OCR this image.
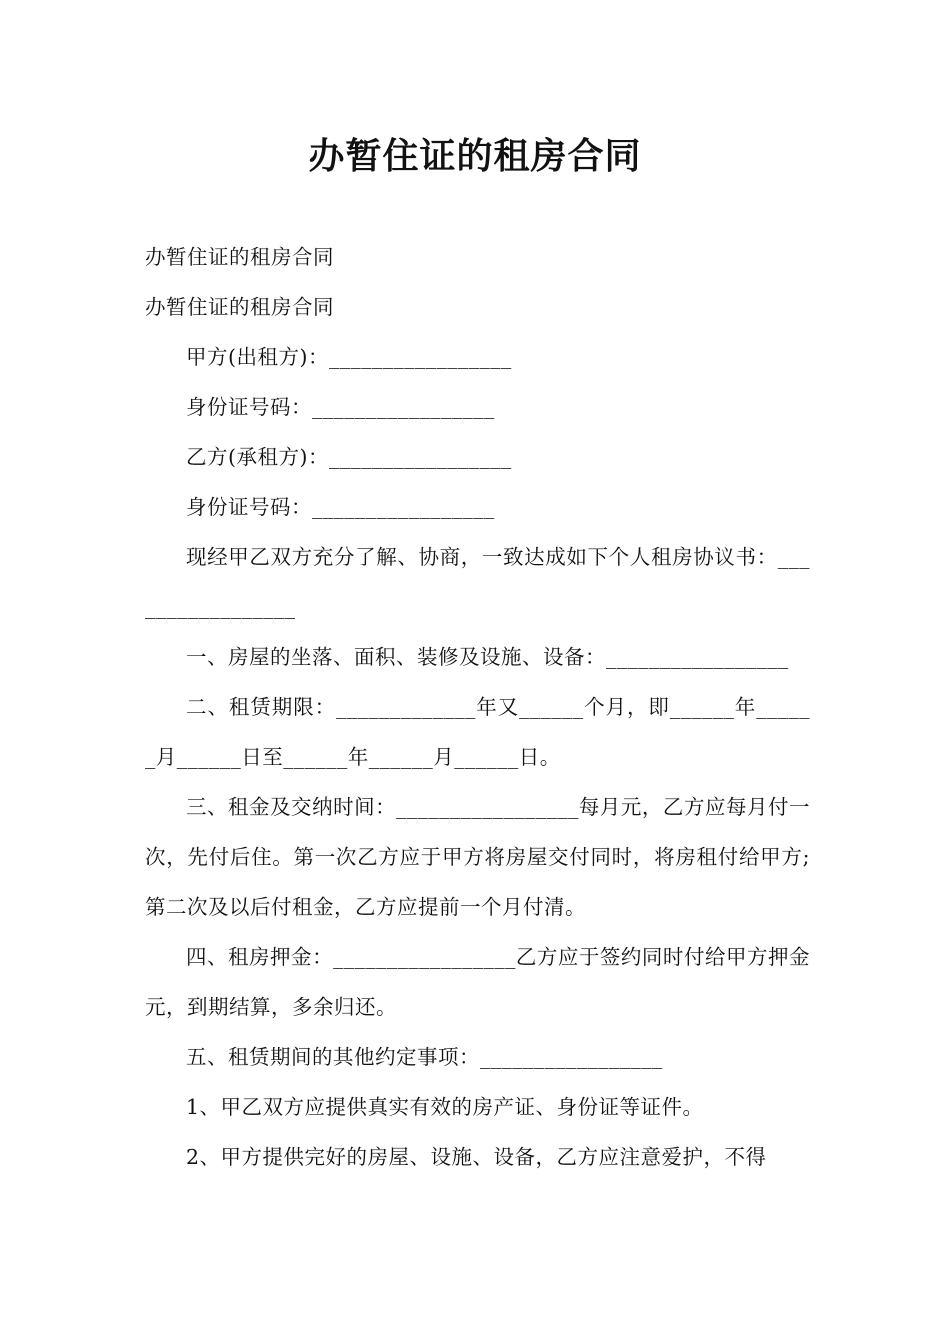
办暂住证的租房合同

办暂住证的租房合同

办暂住证的租房合同

甲方(出租方)：_________________

身份证号码：_________________

乙方(承租方)：_________________

身份证号码：_________________

现经甲乙双方充分了解、协商，一致达成如下个人租房协议书：_________________

一、房屋的坐落、面积、装修及设施、设备：_________________

二、租赁期限：_____________年又______个月，即______年______月______日至______年______月______日。

三、租金及交纳时间：_________________每月元，乙方应每月付一次，先付后住。第一次乙方应于甲方将房屋交付同时，将房租付给甲方;第二次及以后付租金，乙方应提前一个月付清。

四、租房押金：_________________乙方应于签约同时付给甲方押金元，到期结算，多余归还。

五、租赁期间的其他约定事项：_________________

1、甲乙双方应提供真实有效的房产证、身份证等证件。

2、甲方提供完好的房屋、设施、设备，乙方应注意爱护，不得
